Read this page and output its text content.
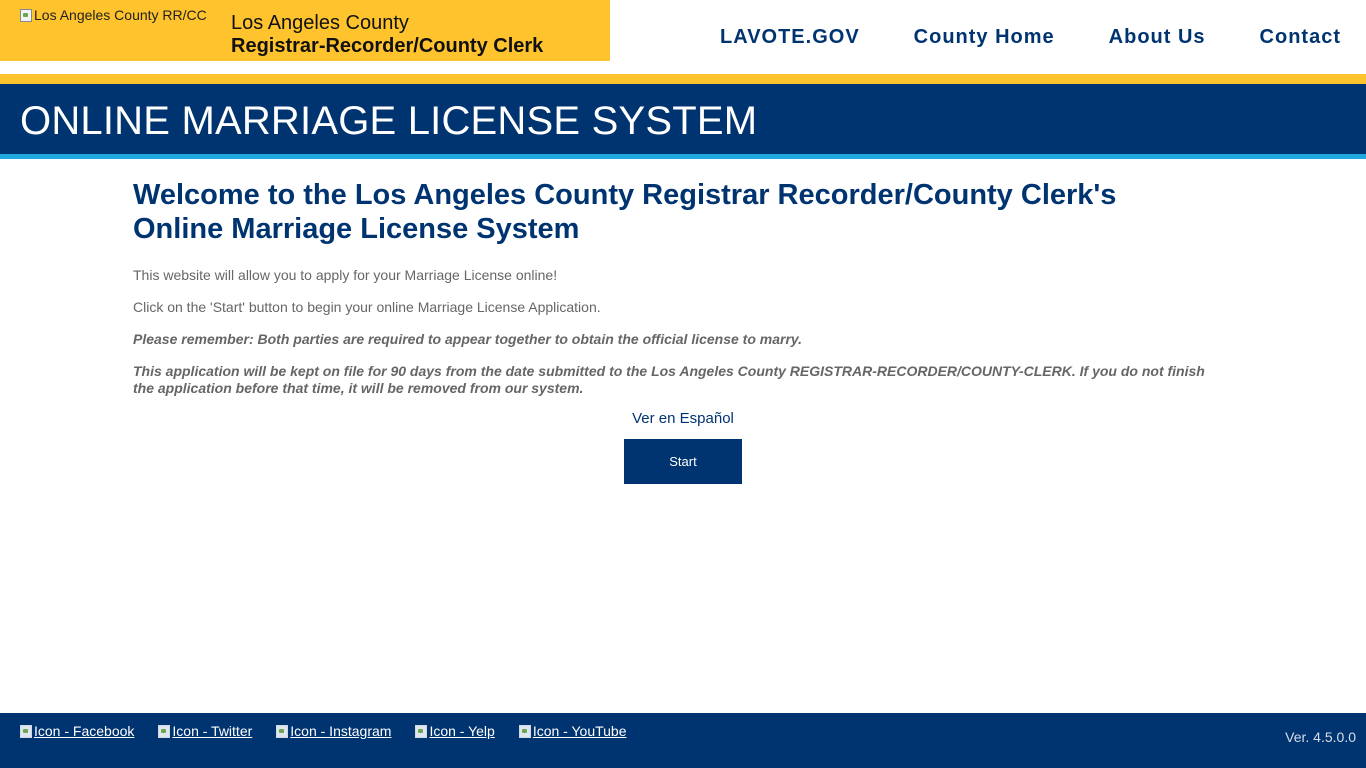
Los Angeles County RR/CC Los Angeles County
Registrar-Recorder/County Clerk	LAVOTE.GOV	County Home	About Us	Contact
ONLINE MARRIAGE LICENSE SYSTEM
Welcome to the Los Angeles County Registrar Recorder/County Clerk's
Online Marriage License System

This website will allow you to apply for your Marriage License online!

Click on the 'Start' button to begin your online Marriage License Application.

Please remember: Both parties are required to appear together to obtain the official license to marry.

This application will be kept on file for 90 days from the date submitted to the Los Angeles County REGISTRAR-RECORDER/COUNTY-CLERK. If you do not finish the application before that time, it will be removed from our system.

Ver en Español
Start
Icon - Facebook	Icon - Twitter	Icon - Instagram	Icon - Yelp	Icon - YouTube	Ver. 4.5.0.0
